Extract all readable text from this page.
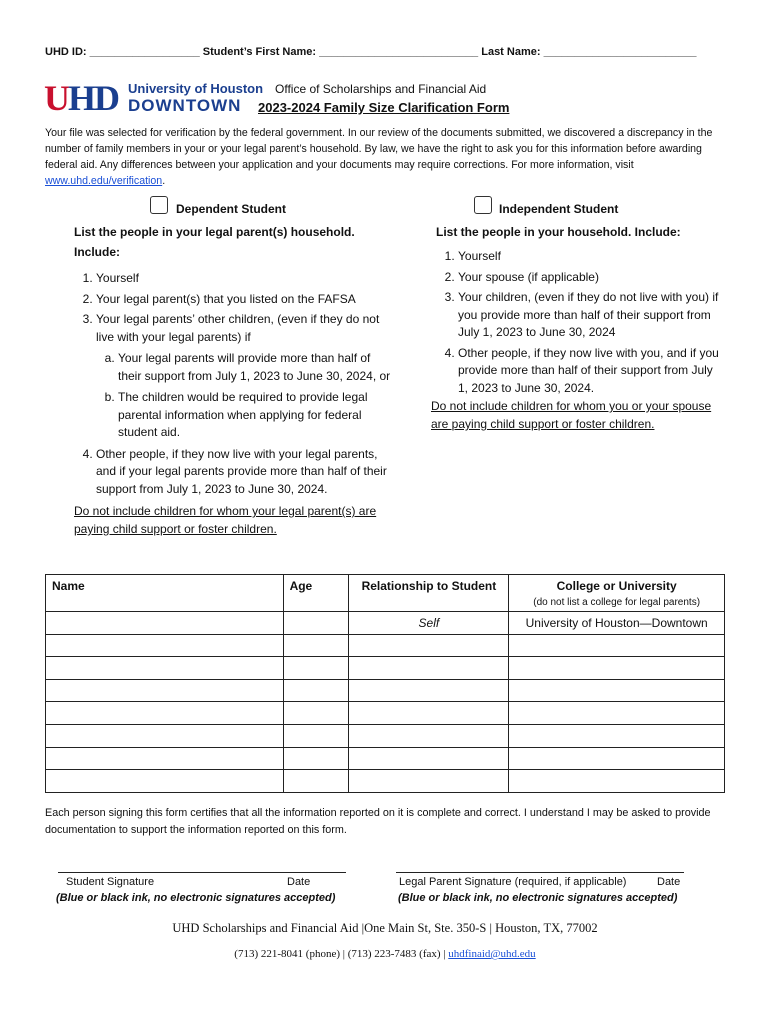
UHD ID: __________________ Student’s First Name: __________________________ Last Name: _________________________
UHD University of Houston
DOWNTOWN
Office of Scholarships and Financial Aid
2023-2024 Family Size Clarification Form
Your file was selected for verification by the federal government. In our review of the documents submitted, we discovered a discrepancy in the number of family members in your or your legal parent’s household. By law, we have the right to ask you for this information before awarding federal aid. Any differences between your application and your documents may require corrections. For more information, visit www.uhd.edu/verification.
Dependent Student
List the people in your legal parent(s) household.
Include:
1. Yourself
2. Your legal parent(s) that you listed on the FAFSA
3. Your legal parents’ other children, (even if they do not live with your legal parents) if
a. Your legal parents will provide more than half of their support from July 1, 2023 to June 30, 2024, or
b. The children would be required to provide legal parental information when applying for federal student aid.
4. Other people, if they now live with your legal parents, and if your legal parents provide more than half of their support from July 1, 2023 to June 30, 2024.
Do not include children for whom your legal parent(s) are paying child support or foster children.
Independent Student
List the people in your household. Include:
1. Yourself
2. Your spouse (if applicable)
3. Your children, (even if they do not live with you) if you provide more than half of their support from July 1, 2023 to June 30, 2024
4. Other people, if they now live with you, and if you provide more than half of their support from July 1, 2023 to June 30, 2024.
Do not include children for whom you or your spouse are paying child support or foster children.
Name	Age	Relationship to Student	College or University
(do not list a college for legal parents)

		Self	University of Houston—Downtown

Each person signing this form certifies that all the information reported on it is complete and correct. I understand I may be asked to provide documentation to support the information reported on this form.
Student Signature	Date
(Blue or black ink, no electronic signatures accepted)
Legal Parent Signature (required, if applicable)	Date
(Blue or black ink, no electronic signatures accepted)
UHD Scholarships and Financial Aid |One Main St, Ste. 350-S | Houston, TX, 77002
(713) 221-8041 (phone) | (713) 223-7483 (fax) | uhdfinaid@uhd.edu
